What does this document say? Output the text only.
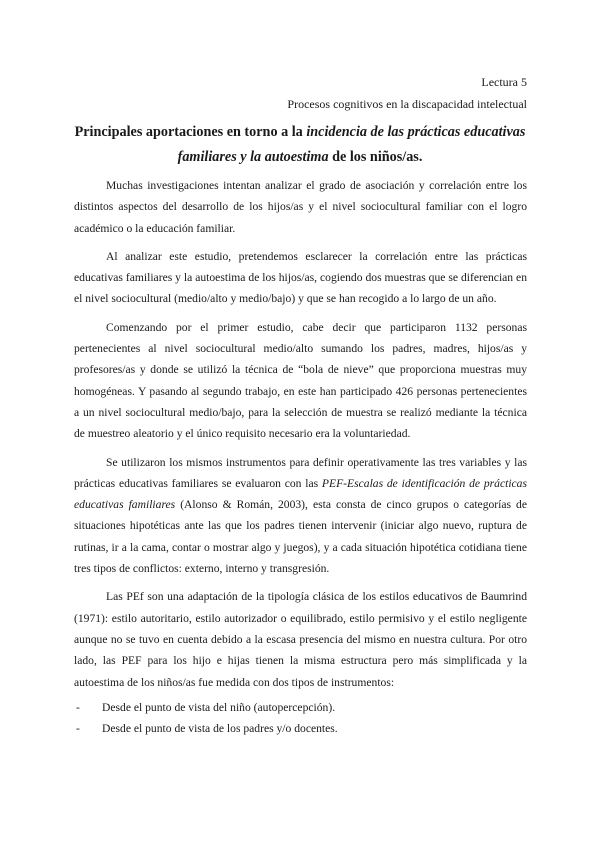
Lectura 5
Procesos cognitivos en la discapacidad intelectual
Principales aportaciones en torno a la incidencia de las prácticas educativas familiares y la autoestima de los niños/as.

Muchas investigaciones intentan analizar el grado de asociación y correlación entre los distintos aspectos del desarrollo de los hijos/as y el nivel sociocultural familiar con el logro académico o la educación familiar.

Al analizar este estudio, pretendemos esclarecer la correlación entre las prácticas educativas familiares y la autoestima de los hijos/as, cogiendo dos muestras que se diferencian en el nivel sociocultural (medio/alto y medio/bajo) y que se han recogido a lo largo de un año.

Comenzando por el primer estudio, cabe decir que participaron 1132 personas pertenecientes al nivel sociocultural medio/alto sumando los padres, madres, hijos/as y profesores/as y donde se utilizó la técnica de “bola de nieve” que proporciona muestras muy homogéneas. Y pasando al segundo trabajo, en este han participado 426 personas pertenecientes a un nivel sociocultural medio/bajo, para la selección de muestra se realizó mediante la técnica de muestreo aleatorio y el único requisito necesario era la voluntariedad.

Se utilizaron los mismos instrumentos para definir operativamente las tres variables y las prácticas educativas familiares se evaluaron con las PEF-Escalas de identificación de prácticas educativas familiares (Alonso & Román, 2003), esta consta de cinco grupos o categorías de situaciones hipotéticas ante las que los padres tienen intervenir (iniciar algo nuevo, ruptura de rutinas, ir a la cama, contar o mostrar algo y juegos), y a cada situación hipotética cotidiana tiene tres tipos de conflictos: externo, interno y transgresión.

Las PEf son una adaptación de la tipología clásica de los estilos educativos de Baumrind (1971): estilo autoritario, estilo autorizador o equilibrado, estilo permisivo y el estilo negligente aunque no se tuvo en cuenta debido a la escasa presencia del mismo en nuestra cultura. Por otro lado, las PEF para los hijo e hijas tienen la misma estructura pero más simplificada y la autoestima de los niños/as fue medida con dos tipos de instrumentos:

- Desde el punto de vista del niño (autopercepción).
- Desde el punto de vista de los padres y/o docentes.
